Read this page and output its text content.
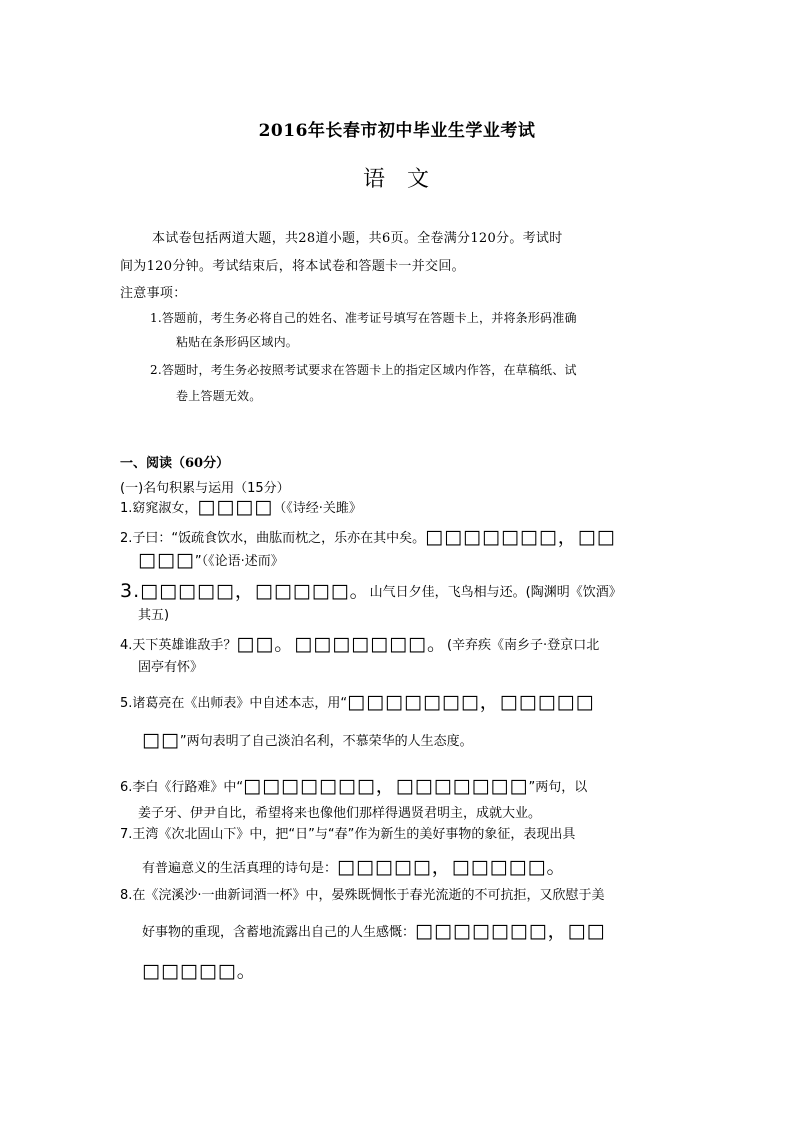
2016年长春市初中毕业生学业考试
语文
本试卷包括两道大题，共28道小题，共6页。全卷满分120分。考试时
间为120分钟。考试结束后，将本试卷和答题卡一并交回。
注意事项：
1.答题前，考生务必将自己的姓名、准考证号填写在答题卡上，并将条形码准确
粘贴在条形码区域内。
2.答题时，考生务必按照考试要求在答题卡上的指定区域内作答，在草稿纸、试
卷上答题无效。
一、阅读（60分）
(一)名句积累与运用（15分）
1.窈窕淑女，□□□□（《诗经·关雎》
2.子曰：“饭疏食饮水，曲肱而枕之，乐亦在其中矣。□□□□□□□，□□
□□□”（《论语·述而》
3.□□□□□，□□□□□。山气日夕佳，飞鸟相与还。(陶渊明《饮酒》
其五)
4.天下英雄谁敌手？□□。□□□□□□□。(辛弃疾《南乡子·登京口北
固亭有怀》
5.诸葛亮在《出师表》中自述本志，用“□□□□□□□，□□□□□
□□”两句表明了自己淡泊名利，不慕荣华的人生态度。
6.李白《行路难》中“□□□□□□□，□□□□□□□”两句，以
姜子牙、伊尹自比，希望将来也像他们那样得遇贤君明主，成就大业。
7.王湾《次北固山下》中，把“日”与“春”作为新生的美好事物的象征，表现出具
有普遍意义的生活真理的诗句是：□□□□□，□□□□□。
8.在《浣溪沙·一曲新词酒一杯》中，晏殊既惆怅于春光流逝的不可抗拒，又欣慰于美
好事物的重现，含蓄地流露出自己的人生感慨：□□□□□□□，□□
□□□□□。
